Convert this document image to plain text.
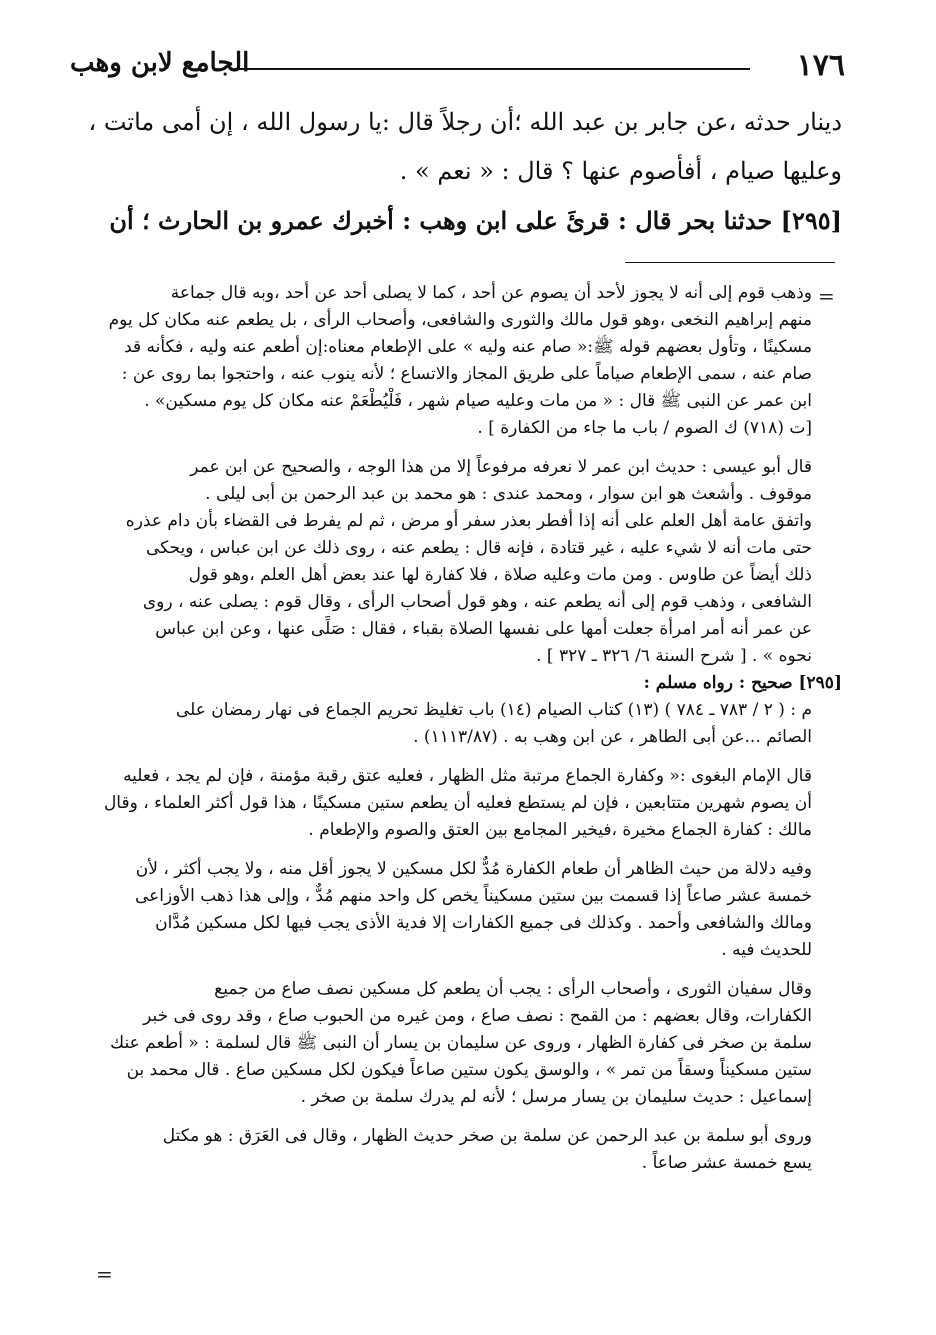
١٧٦
الجامع لابن وهب
دينار حدثه ،عن جابر بن عبد الله ؛أن رجلاً قال :يا رسول الله ، إن أمى ماتت ،
وعليها صيام ، أفأصوم عنها ؟ قال : « نعم » .
[٢٩٥] حدثنا بحر قال : قرئَ على ابن وهب : أخبرك عمرو بن الحارث ؛ أن
=
وذهب قوم إلى أنه لا يجوز لأحد أن يصوم عن أحد ، كما لا يصلى أحد عن أحد ،وبه قال جماعة
منهم إبراهيم النخعى ،وهو قول مالك والثورى والشافعى، وأصحاب الرأى ، بل يطعم عنه مكان كل يوم
مسكينًا ، وتأول بعضهم قوله ﷺ:« صام عنه وليه » على الإطعام معناه:إن أطعم عنه وليه ، فكأنه قد
صام عنه ، سمى الإطعام صياماً على طريق المجاز والاتساع ؛ لأنه ينوب عنه ، واحتجوا بما روى عن :
ابن عمر عن النبى ﷺ قال : « من مات وعليه صيام شهر ، فَلْيُطْعَمْ عنه مكان كل يوم مسكين» .
[ت (٧١٨) ك الصوم / باب ما جاء من الكفارة ] .
قال أبو عيسى : حديث ابن عمر لا نعرفه مرفوعاً إلا من هذا الوجه ، والصحيح عن ابن عمر
موقوف . وأشعث هو ابن سوار ، ومحمد عندى : هو محمد بن عبد الرحمن بن أبى ليلى .
واتفق عامة أهل العلم على أنه إذا أفطر بعذر سفر أو مرض ، ثم لم يفرط فى القضاء بأن دام عذره
حتى مات أنه لا شيء عليه ، غير قتادة ، فإنه قال : يطعم عنه ، روى ذلك عن ابن عباس ، ويحكى
ذلك أيضاً عن طاوس . ومن مات وعليه صلاة ، فلا كفارة لها عند بعض أهل العلم ،وهو قول
الشافعى ، وذهب قوم إلى أنه يطعم عنه ، وهو قول أصحاب الرأى ، وقال قوم : يصلى عنه ، روى
عن عمر أنه أمر امرأة جعلت أمها على نفسها الصلاة بقباء ، فقال : صَلِّى عنها ، وعن ابن عباس
نحوه » . [ شرح السنة ٦/ ٣٢٦ ـ ٣٢٧ ] .
[٢٩٥] صحيح : رواه مسلم :
م : ( ٢ / ٧٨٣ ـ ٧٨٤ ) (١٣) كتاب الصيام (١٤) باب تغليظ تحريم الجماع فى نهار رمضان على
الصائم ...عن أبى الطاهر ، عن ابن وهب به . (١١١٣/٨٧) .
قال الإمام البغوى :« وكفارة الجماع مرتبة مثل الظهار ، فعليه عتق رقبة مؤمنة ، فإن لم يجد ، فعليه
أن يصوم شهرين متتابعين ، فإن لم يستطع فعليه أن يطعم ستين مسكينًا ، هذا قول أكثر العلماء ، وقال
مالك : كفارة الجماع مخيرة ،فيخير المجامع بين العتق والصوم والإطعام .
وفيه دلالة من حيث الظاهر أن طعام الكفارة مُدٌّ لكل مسكين لا يجوز أقل منه ، ولا يجب أكثر ، لأن
خمسة عشر صاعاً إذا قسمت بين ستين مسكيناً يخص كل واحد منهم مُدٌّ ، وإلى هذا ذهب الأوزاعى
ومالك والشافعى وأحمد . وكذلك فى جميع الكفارات إلا فدية الأذى يجب فيها لكل مسكين مُدَّان
للحديث فيه .
وقال سفيان الثورى ، وأصحاب الرأى : يجب أن يطعم كل مسكين نصف صاع من جميع
الكفارات، وقال بعضهم : من القمح : نصف صاع ، ومن غيره من الحبوب صاع ، وقد روى فى خبر
سلمة بن صخر فى كفارة الظهار ، وروى عن سليمان بن يسار أن النبى ﷺ قال لسلمة : « أطعم عنك
ستين مسكيناً وسقاً من تمر » ، والوسق يكون ستين صاعاً فيكون لكل مسكين صاع . قال محمد بن
إسماعيل : حديث سليمان بن يسار مرسل ؛ لأنه لم يدرك سلمة بن صخر .
وروى أبو سلمة بن عبد الرحمن عن سلمة بن صخر حديث الظهار ، وقال فى العَرَق : هو مكتل
يسع خمسة عشر صاعاً .
=
